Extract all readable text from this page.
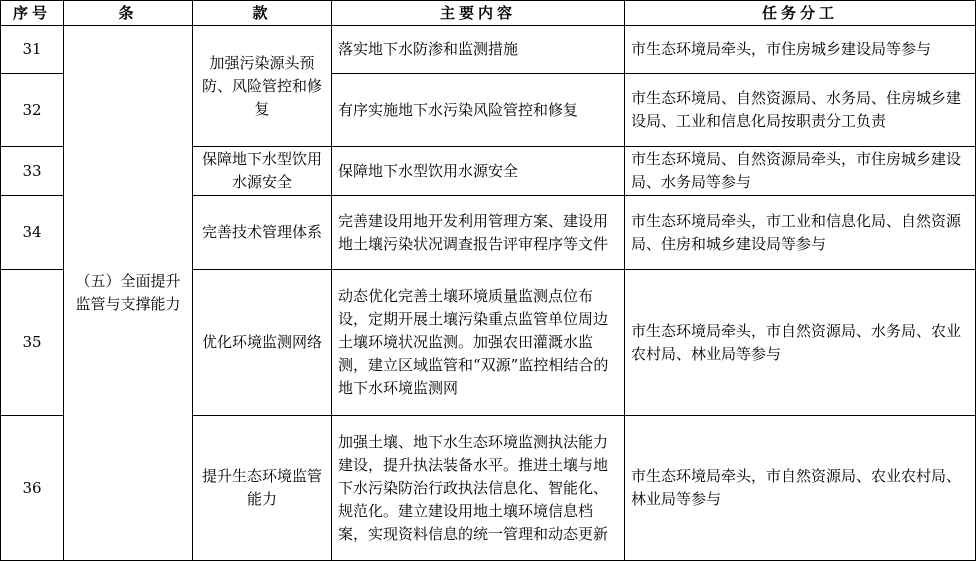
序号	条	款	主要内容	任务分工
31	（五）全面提升监管与支撑能力	加强污染源头预防、风险管控和修复	落实地下水防渗和监测措施	市生态环境局牵头，市住房城乡建设局等参与
32			有序实施地下水污染风险管控和修复	市生态环境局、自然资源局、水务局、住房城乡建设局、工业和信息化局按职责分工负责
33		保障地下水型饮用水源安全	保障地下水型饮用水源安全	市生态环境局、自然资源局牵头，市住房城乡建设局、水务局等参与
34		完善技术管理体系	完善建设用地开发利用管理方案、建设用地土壤污染状况调查报告评审程序等文件	市生态环境局牵头，市工业和信息化局、自然资源局、住房和城乡建设局等参与
35		优化环境监测网络	动态优化完善土壤环境质量监测点位布设，定期开展土壤污染重点监管单位周边土壤环境状况监测。加强农田灌溉水监测，建立区域监管和“双源”监控相结合的地下水环境监测网	市生态环境局牵头，市自然资源局、水务局、农业农村局、林业局等参与
36		提升生态环境监管能力	加强土壤、地下水生态环境监测执法能力建设，提升执法装备水平。推进土壤与地下水污染防治行政执法信息化、智能化、规范化。建立建设用地土壤环境信息档案，实现资料信息的统一管理和动态更新	市生态环境局牵头，市自然资源局、农业农村局、林业局等参与
